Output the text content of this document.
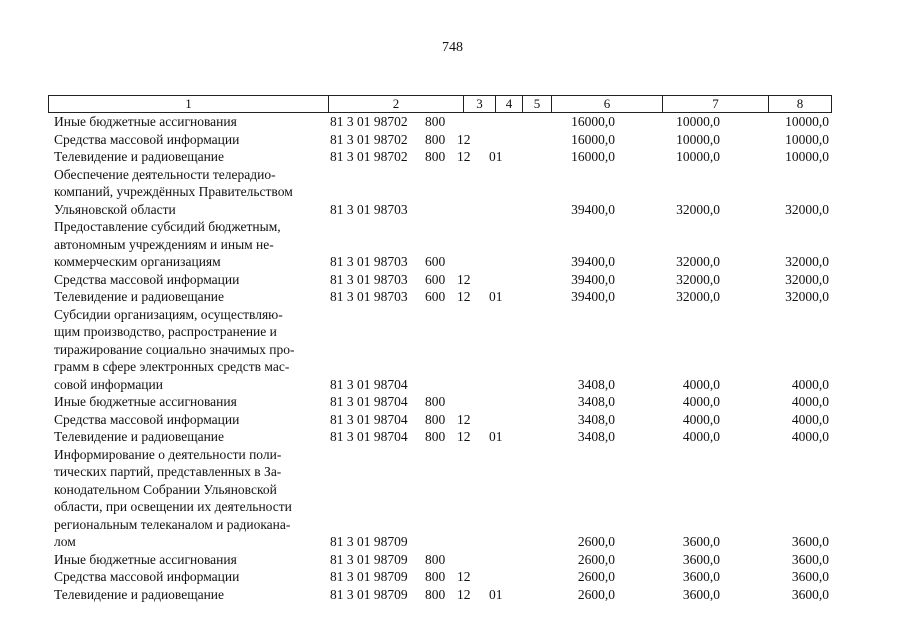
748
1	2	3	4	5	6	7	8
Иные бюджетные ассигнования	81 3 01 98702 800	16000,0	10000,0	10000,0
Средства массовой информации	81 3 01 98702 800 12	16000,0	10000,0	10000,0
Телевидение и радиовещание	81 3 01 98702 800 12 01	16000,0	10000,0	10000,0
Обеспечение деятельности телерадио-
компаний, учреждённых Правительством
Ульяновской области	81 3 01 98703	39400,0	32000,0	32000,0
Предоставление субсидий бюджетным,
автономным учреждениям и иным не-
коммерческим организациям	81 3 01 98703 600	39400,0	32000,0	32000,0
Средства массовой информации	81 3 01 98703 600 12	39400,0	32000,0	32000,0
Телевидение и радиовещание	81 3 01 98703 600 12 01	39400,0	32000,0	32000,0
Субсидии организациям, осуществляю-
щим производство, распространение и
тиражирование социально значимых про-
грамм в сфере электронных средств мас-
совой информации	81 3 01 98704	3408,0	4000,0	4000,0
Иные бюджетные ассигнования	81 3 01 98704 800	3408,0	4000,0	4000,0
Средства массовой информации	81 3 01 98704 800 12	3408,0	4000,0	4000,0
Телевидение и радиовещание	81 3 01 98704 800 12 01	3408,0	4000,0	4000,0
Информирование о деятельности поли-
тических партий, представленных в За-
конодательном Собрании Ульяновской
области, при освещении их деятельности
региональным телеканалом и радиоканa-
лом	81 3 01 98709	2600,0	3600,0	3600,0
Иные бюджетные ассигнования	81 3 01 98709 800	2600,0	3600,0	3600,0
Средства массовой информации	81 3 01 98709 800 12	2600,0	3600,0	3600,0
Телевидение и радиовещание	81 3 01 98709 800 12 01	2600,0	3600,0	3600,0
